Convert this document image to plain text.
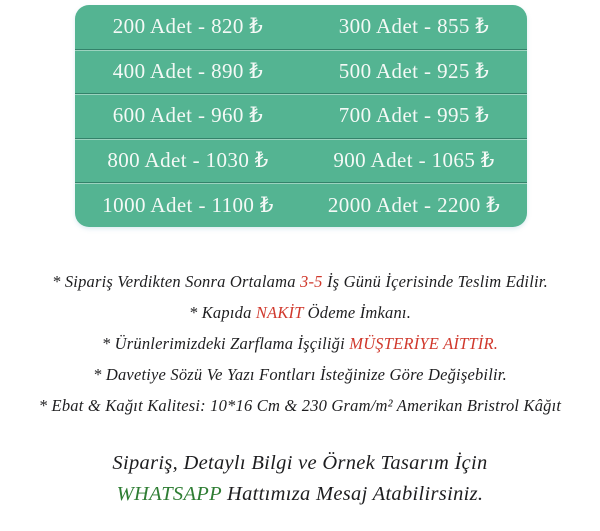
200 Adet - 820 ₺	300 Adet - 855 ₺
400 Adet - 890 ₺	500 Adet - 925 ₺
600 Adet - 960 ₺	700 Adet - 995 ₺
800 Adet - 1030 ₺	900 Adet - 1065 ₺
1000 Adet - 1100 ₺	2000 Adet - 2200 ₺

* Sipariş Verdikten Sonra Ortalama 3-5 İş Günü İçerisinde Teslim Edilir.

* Kapıda NAKİT Ödeme İmkanı.

* Ürünlerimizdeki Zarflama İşçiliği MÜŞTERİYE AİTTİR.

* Davetiye Sözü Ve Yazı Fontları İsteğinize Göre Değişebilir.

* Ebat & Kağıt Kalitesi: 10*16 Cm & 230 Gram/m² Amerikan Bristrol Kâğıt

Sipariş, Detaylı Bilgi ve Örnek Tasarım İçin

WHATSAPP Hattımıza Mesaj Atabilirsiniz.
